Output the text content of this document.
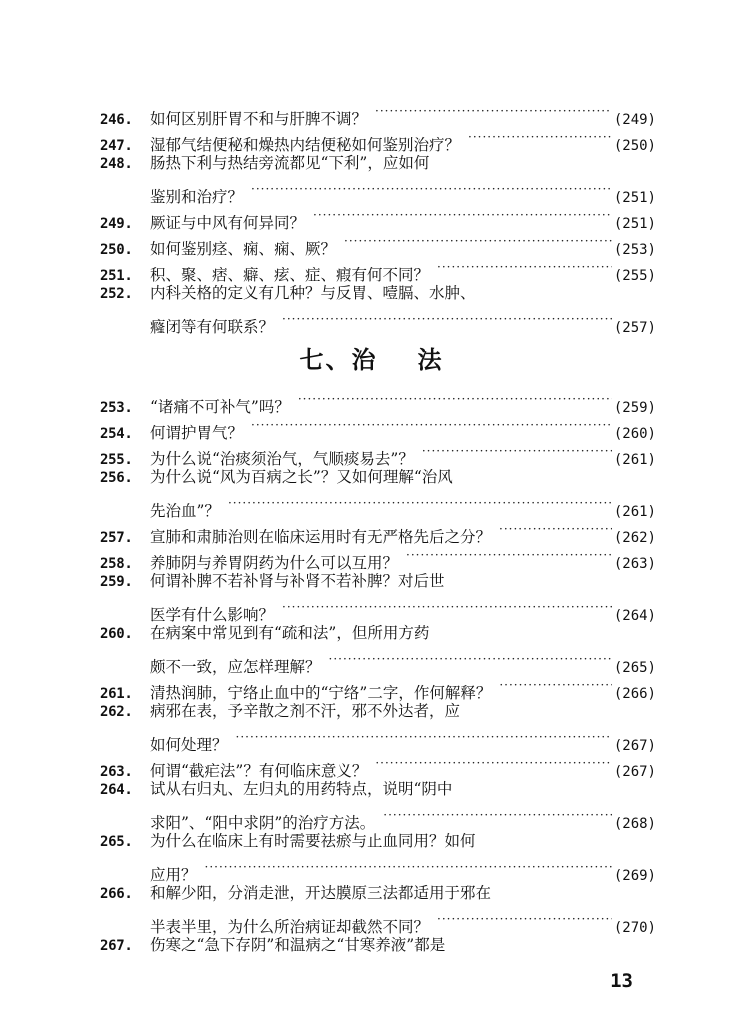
246.	如何区别肝胃不和与肝脾不调？ ·····	(249)
247.	湿郁气结便秘和燥热内结便秘如何鉴别治疗？ ·····	(250)
248.	肠热下利与热结旁流都见“下利”，应如何
鉴别和治疗？ ·····	(251)
249.	厥证与中风有何异同？ ·····	(251)
250.	如何鉴别痉、痫、痫、厥？ ·····	(253)
251.	积、聚、痞、癖、痃、症、瘕有何不同？ ·····	(255)
252.	内科关格的定义有几种？与反胃、噎膈、水肿、
癃闭等有何联系？ ·····	(257)
七、治 法
253.	“诸痛不可补气”吗？ ·····	(259)
254.	何谓护胃气？ ·····	(260)
255.	为什么说“治痰须治气，气顺痰易去”？ ·····	(261)
256.	为什么说“风为百病之长”？又如何理解“治风
先治血”？ ·····	(261)
257.	宣肺和肃肺治则在临床运用时有无严格先后之分？ ·····	(262)
258.	养肺阴与养胃阴药为什么可以互用？ ·····	(263)
259.	何谓补脾不若补肾与补肾不若补脾？对后世
医学有什么影响？ ·····	(264)
260.	在病案中常见到有“疏和法”，但所用方药
颇不一致，应怎样理解？ ·····	(265)
261.	清热润肺，宁络止血中的“宁络”二字，作何解释？ ·····	(266)
262.	病邪在表，予辛散之剂不汗，邪不外达者，应
如何处理？ ·····	(267)
263.	何谓“截疟法”？有何临床意义？ ·····	(267)
264.	试从右归丸、左归丸的用药特点，说明“阴中
求阳”、“阳中求阴”的治疗方法。 ·····	(268)
265.	为什么在临床上有时需要祛瘀与止血同用？如何
应用？ ·····	(269)
266.	和解少阳，分消走泄，开达膜原三法都适用于邪在
半表半里，为什么所治病证却截然不同？ ·····	(270)
267.	伤寒之“急下存阴”和温病之“甘寒养液”都是
13
